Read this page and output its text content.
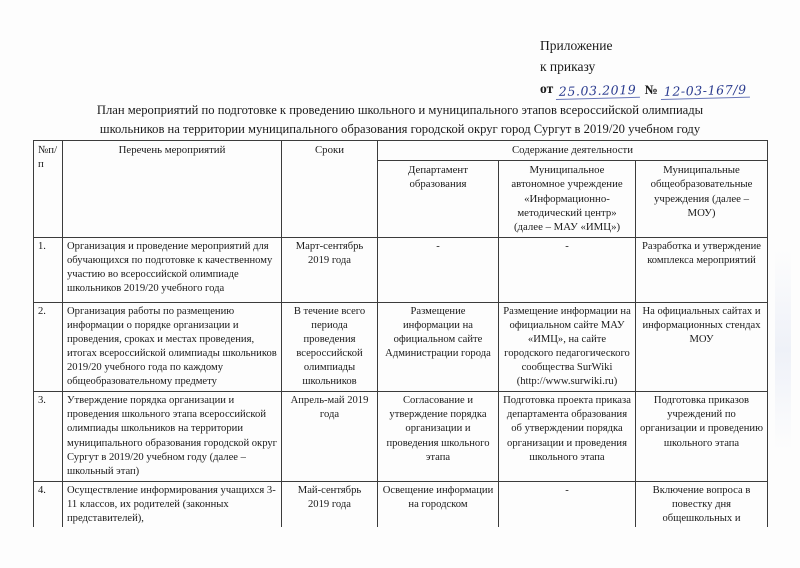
Приложение
к приказу
от 25.03.2019 № 12-03-167/9
План мероприятий по подготовке к проведению школьного и муниципального этапов всероссийской олимпиады
школьников на территории муниципального образования городской округ город Сургут в 2019/20 учебном году
№п/ п	Перечень мероприятий	Сроки	Содержание деятельности		
			Департамент образования	Муниципальное автономное учреждение «Информационно-методический центр» (далее – МАУ «ИМЦ»)	Муниципальные общеобразовательные учреждения (далее – МОУ)
1.	Организация и проведение мероприятий для обучающихся по подготовке к качественному участию во всероссийской олимпиаде школьников 2019/20 учебного года	Март-сентябрь 2019 года	-	-	Разработка и утверждение комплекса мероприятий
2.	Организация работы по размещению информации о порядке организации и проведения, сроках и местах проведения, итогах всероссийской олимпиады школьников 2019/20 учебного года по каждому общеобразовательному предмету	В течение всего периода проведения всероссийской олимпиады школьников	Размещение информации на официальном сайте Администрации города	Размещение информации на официальном сайте МАУ «ИМЦ», на сайте городского педагогического сообщества SurWiki (http://www.surwiki.ru)	На официальных сайтах и информационных стендах МОУ
3.	Утверждение порядка организации и проведения школьного этапа всероссийской олимпиады школьников на территории муниципального образования городской округ Сургут в 2019/20 учебном году (далее – школьный этап)	Апрель-май 2019 года	Согласование и утверждение порядка организации и проведения школьного этапа	Подготовка проекта приказа департамента образования об утверждении порядка организации и проведения школьного этапа	Подготовка приказов учреждений по организации и проведению школьного этапа
4.	Осуществление информирования учащихся 3-11 классов, их родителей (законных представителей),	Май-сентябрь 2019 года	Освещение информации на городском	-	Включение вопроса в повестку дня общешкольных и
